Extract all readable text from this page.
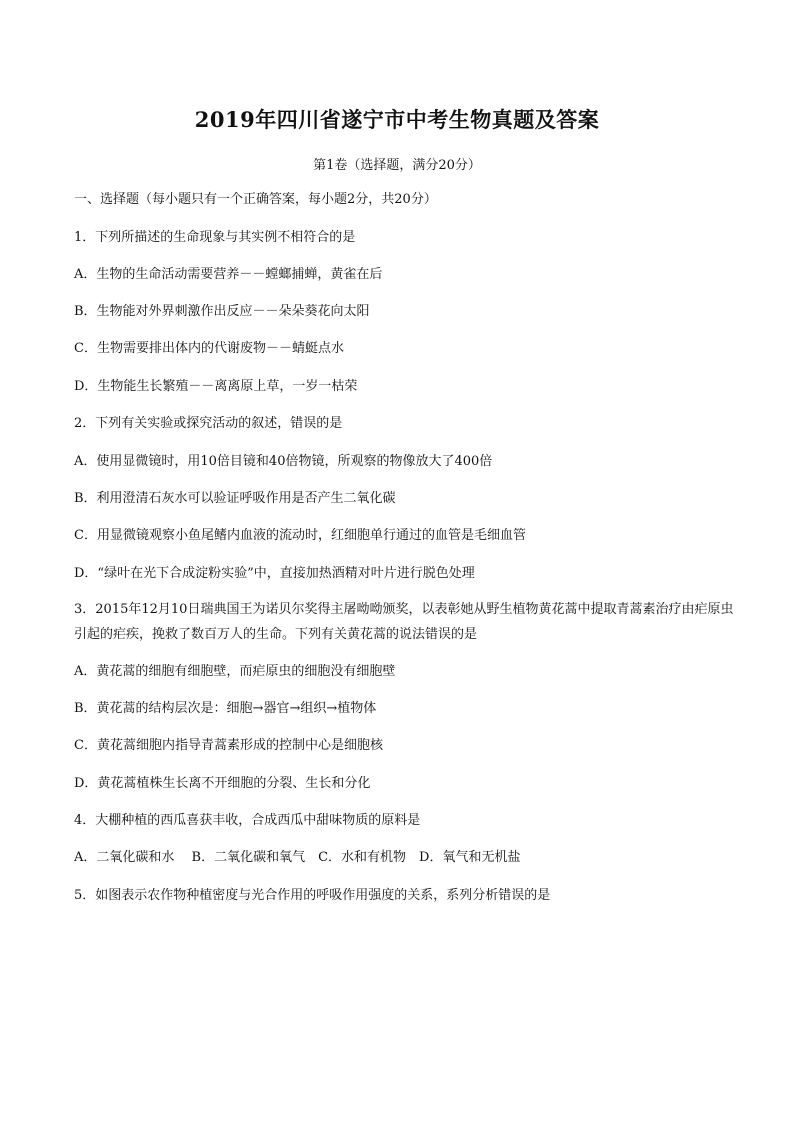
2019年四川省遂宁市中考生物真题及答案
第1卷（选择题，满分20分）
一、选择题（每小题只有一个正确答案，每小题2分，共20分）
1．下列所描述的生命现象与其实例不相符合的是
A．生物的生命活动需要营养－－螳螂捕蝉，黄雀在后
B．生物能对外界刺激作出反应－－朵朵葵花向太阳
C．生物需要排出体内的代谢废物－－蜻蜓点水
D．生物能生长繁殖－－离离原上草，一岁一枯荣
2．下列有关实验或探究活动的叙述，错误的是
A．使用显微镜时，用10倍目镜和40倍物镜，所观察的物像放大了400倍
B．利用澄清石灰水可以验证呼吸作用是否产生二氧化碳
C．用显微镜观察小鱼尾鳍内血液的流动时，红细胞单行通过的血管是毛细血管
D．“绿叶在光下合成淀粉实验”中，直接加热酒精对叶片进行脱色处理
3．2015年12月10日瑞典国王为诺贝尔奖得主屠呦呦颁奖，以表彰她从野生植物黄花蒿中提取青蒿素治疗由疟原虫引起的疟疾，挽救了数百万人的生命。下列有关黄花蒿的说法错误的是
A．黄花蒿的细胞有细胞壁，而疟原虫的细胞没有细胞壁
B．黄花蒿的结构层次是：细胞→器官→组织→植物体
C．黄花蒿细胞内指导青蒿素形成的控制中心是细胞核
D．黄花蒿植株生长离不开细胞的分裂、生长和分化
4．大棚种植的西瓜喜获丰收，合成西瓜中甜味物质的原料是
A．二氧化碳和水　 B．二氧化碳和氧气　C．水和有机物　D．氧气和无机盐
5．如图表示农作物种植密度与光合作用的呼吸作用强度的关系，系列分析错误的是
